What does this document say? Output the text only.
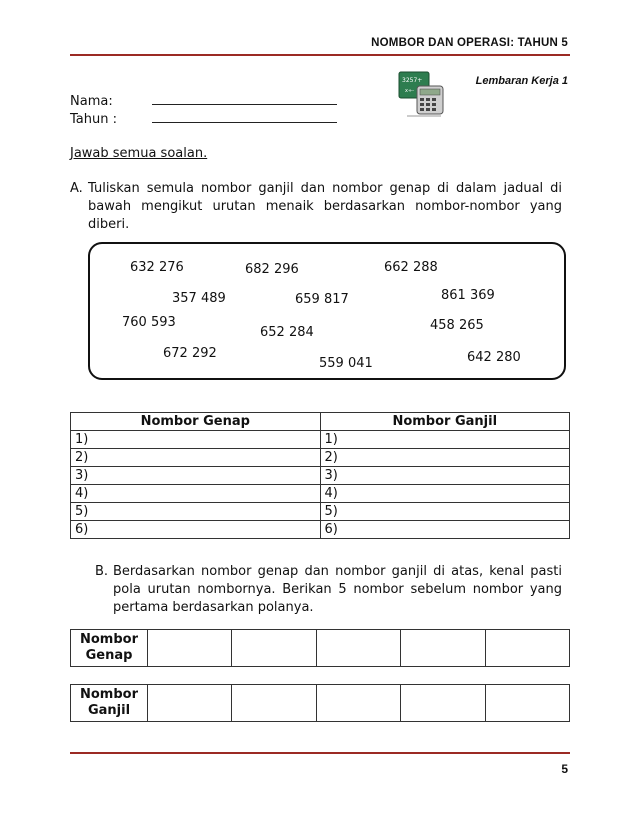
NOMBOR DAN OPERASI: TAHUN 5
3257+
x÷-
Lembaran Kerja 1
Nama:
Tahun :
Jawab semua soalan.
A. Tuliskan semula nombor ganjil dan nombor genap di dalam jadual di bawah mengikut urutan menaik berdasarkan nombor-nombor yang diberi.
632 276	682 296	662 288
357 489	659 817	861 369
760 593
652 284	458 265
672 292
559 041	642 280
Nombor Genap	Nombor Ganjil
1)	1)
2)	2)
3)	3)
4)	4)
5)	5)
6)	6)
B. Berdasarkan nombor genap dan nombor ganjil di atas, kenal pasti pola urutan nombornya. Berikan 5 nombor sebelum nombor yang pertama berdasarkan polanya.
Nombor
Genap

Nombor
Ganjil

5
